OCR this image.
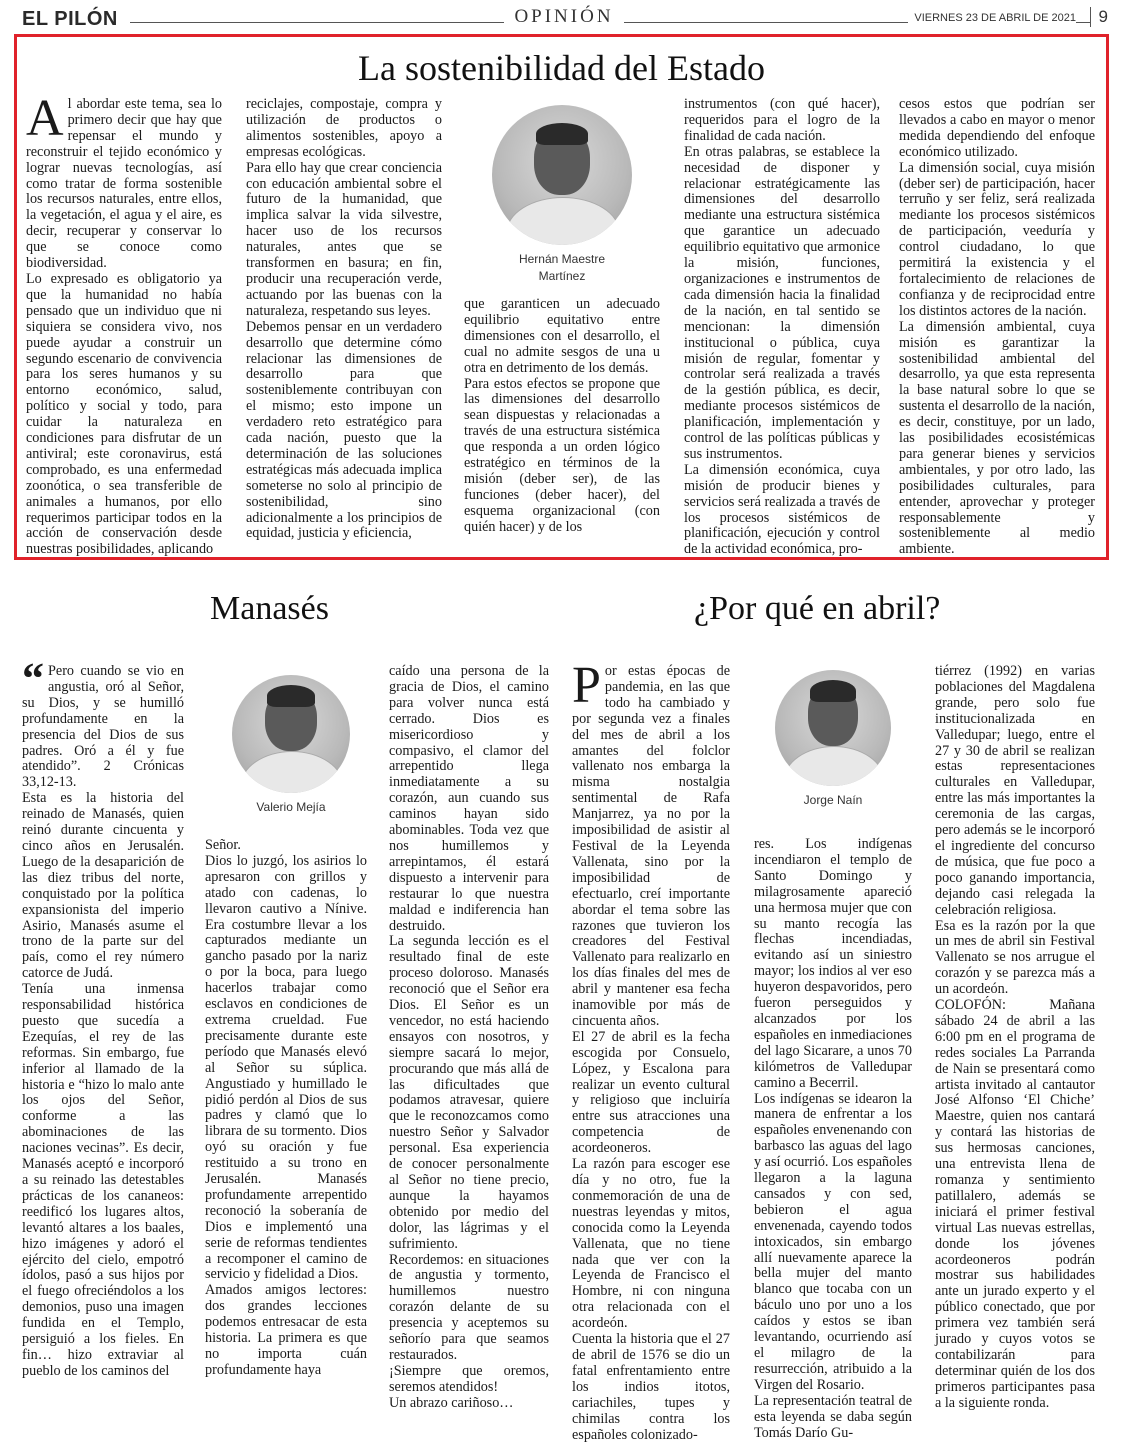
EL PILÓN	OPINIÓN	VIERNES 23 DE ABRIL DE 2021	9
La sostenibilidad del Estado

Al abordar este tema, sea lo primero decir que hay que repensar el mundo y reconstruir el tejido económico y lograr nuevas tecnologías, así como tratar de forma sostenible los recursos naturales, entre ellos, la vegetación, el agua y el aire, es decir, recuperar y conservar lo que se conoce como biodiversidad.

Lo expresado es obligatorio ya que la humanidad no había pensado que un individuo que ni siquiera se considera vivo, nos puede ayudar a construir un segundo escenario de convivencia para los seres humanos y su entorno económico, salud, político y social y todo, para cuidar la naturaleza en condiciones para disfrutar de un antiviral; este coronavirus, está comprobado, es una enfermedad zoonótica, o sea transferible de animales a humanos, por ello requerimos participar todos en la acción de conservación desde nuestras posibilidades, aplicando

reciclajes, compostaje, compra y utilización de productos o alimentos sostenibles, apoyo a empresas ecológicas.

Para ello hay que crear conciencia con educación ambiental sobre el futuro de la humanidad, que implica salvar la vida silvestre, hacer uso de los recursos naturales, antes que se transformen en basura; en fin, producir una recuperación verde, actuando por las buenas con la naturaleza, respetando sus leyes.

Debemos pensar en un verdadero desarrollo que determine cómo relacionar las dimensiones de desarrollo para que sosteniblemente contribuyan con el mismo; esto impone un verdadero reto estratégico para cada nación, puesto que la determinación de las soluciones estratégicas más adecuada implica someterse no solo al principio de sostenibilidad, sino adicionalmente a los principios de equidad, justicia y eficiencia,

Hernán Maestre Martínez

que garanticen un adecuado equilibrio equitativo entre dimensiones con el desarrollo, el cual no admite sesgos de una u otra en detrimento de los demás.

Para estos efectos se propone que las dimensiones del desarrollo sean dispuestas y relacionadas a través de una estructura sistémica que responda a un orden lógico estratégico en términos de la misión (deber ser), de las funciones (deber hacer), del esquema organizacional (con quién hacer) y de los

instrumentos (con qué hacer), requeridos para el logro de la finalidad de cada nación.

En otras palabras, se establece la necesidad de disponer y relacionar estratégicamente las dimensiones del desarrollo mediante una estructura sistémica que garantice un adecuado equilibrio equitativo que armonice la misión, funciones, organizaciones e instrumentos de cada dimensión hacia la finalidad de la nación, en tal sentido se mencionan: la dimensión institucional o pública, cuya misión de regular, fomentar y controlar será realizada a través de la gestión pública, es decir, mediante procesos sistémicos de planificación, implementación y control de las políticas públicas y sus instrumentos.

La dimensión económica, cuya misión de producir bienes y servicios será realizada a través de los procesos sistémicos de planificación, ejecución y control de la actividad económica, pro-

cesos estos que podrían ser llevados a cabo en mayor o menor medida dependiendo del enfoque económico utilizado.

La dimensión social, cuya misión (deber ser) de participación, hacer terruño y ser feliz, será realizada mediante los procesos sistémicos de participación, veeduría y control ciudadano, lo que permitirá la existencia y el fortalecimiento de relaciones de confianza y de reciprocidad entre los distintos actores de la nación.

La dimensión ambiental, cuya misión es garantizar la sostenibilidad ambiental del desarrollo, ya que esta representa la base natural sobre lo que se sustenta el desarrollo de la nación, es decir, constituye, por un lado, las posibilidades ecosistémicas para generar bienes y servicios ambientales, y por otro lado, las posibilidades culturales, para entender, aprovechar y proteger responsablemente y sosteniblemente al medio ambiente.

Manasés

“ Pero cuando se vio en angustia, oró al Señor, su Dios, y se humilló profundamente en la presencia del Dios de sus padres. Oró a él y fue atendido”. 2 Crónicas 33,12-13.

Esta es la historia del reinado de Manasés, quien reinó durante cincuenta y cinco años en Jerusalén. Luego de la desaparición de las diez tribus del norte, conquistado por la política expansionista del imperio Asirio, Manasés asume el trono de la parte sur del país, como el rey número catorce de Judá.

Tenía una inmensa responsabilidad histórica puesto que sucedía a Ezequías, el rey de las reformas. Sin embargo, fue inferior al llamado de la historia e “hizo lo malo ante los ojos del Señor, conforme a las abominaciones de las naciones vecinas”. Es decir, Manasés aceptó e incorporó a su reinado las detestables prácticas de los cananeos: reedificó los lugares altos, levantó altares a los baales, hizo imágenes y adoró el ejército del cielo, empotró ídolos, pasó a sus hijos por el fuego ofreciéndolos a los demonios, puso una imagen fundida en el Templo, persiguió a los fieles. En fin… hizo extraviar al pueblo de los caminos del

Valerio Mejía

Señor.

Dios lo juzgó, los asirios lo apresaron con grillos y atado con cadenas, lo llevaron cautivo a Nínive. Era costumbre llevar a los capturados mediante un gancho pasado por la nariz o por la boca, para luego hacerlos trabajar como esclavos en condiciones de extrema crueldad. Fue precisamente durante este período que Manasés elevó al Señor su súplica. Angustiado y humillado le pidió perdón al Dios de sus padres y clamó que lo librara de su tormento. Dios oyó su oración y fue restituido a su trono en Jerusalén. Manasés profundamente arrepentido reconoció la soberanía de Dios e implementó una serie de reformas tendientes a recomponer el camino de servicio y fidelidad a Dios.

Amados amigos lectores: dos grandes lecciones podemos entresacar de esta historia. La primera es que no importa cuán profundamente haya

caído una persona de la gracia de Dios, el camino para volver nunca está cerrado. Dios es misericordioso y compasivo, el clamor del arrepentido llega inmediatamente a su corazón, aun cuando sus caminos hayan sido abominables. Toda vez que nos humillemos y arrepintamos, él estará dispuesto a intervenir para restaurar lo que nuestra maldad e indiferencia han destruido.

La segunda lección es el resultado final de este proceso doloroso. Manasés reconoció que el Señor era Dios. El Señor es un vencedor, no está haciendo ensayos con nosotros, y siempre sacará lo mejor, procurando que más allá de las dificultades que podamos atravesar, quiere que le reconozcamos como nuestro Señor y Salvador personal. Esa experiencia de conocer personalmente al Señor no tiene precio, aunque la hayamos obtenido por medio del dolor, las lágrimas y el sufrimiento.

Recordemos: en situaciones de angustia y tormento, humillemos nuestro corazón delante de su presencia y aceptemos su señorío para que seamos restaurados.

¡Siempre que oremos, seremos atendidos!

Un abrazo cariñoso…

¿Por qué en abril?

Por estas épocas de pandemia, en las que todo ha cambiado y por segunda vez a finales del mes de abril a los amantes del folclor vallenato nos embarga la misma nostalgia sentimental de Rafa Manjarrez, ya no por la imposibilidad de asistir al Festival de la Leyenda Vallenata, sino por la imposibilidad de efectuarlo, creí importante abordar el tema sobre las razones que tuvieron los creadores del Festival Vallenato para realizarlo en los días finales del mes de abril y mantener esa fecha inamovible por más de cincuenta años.

El 27 de abril es la fecha escogida por Consuelo, López, y Escalona para realizar un evento cultural y religioso que incluiría entre sus atracciones una competencia de acordeoneros.

La razón para escoger ese día y no otro, fue la conmemoración de una de nuestras leyendas y mitos, conocida como la Leyenda Vallenata, que no tiene nada que ver con la Leyenda de Francisco el Hombre, ni con ninguna otra relacionada con el acordeón.

Cuenta la historia que el 27 de abril de 1576 se dio un fatal enfrentamiento entre los indios itotos, cariachiles, tupes y chimilas contra los españoles colonizado-

Jorge Naín

res. Los indígenas incendiaron el templo de Santo Domingo y milagrosamente apareció una hermosa mujer que con su manto recogía las flechas incendiadas, evitando así un siniestro mayor; los indios al ver eso huyeron despavoridos, pero fueron perseguidos y alcanzados por los españoles en inmediaciones del lago Sicarare, a unos 70 kilómetros de Valledupar camino a Becerril.

Los indígenas se idearon la manera de enfrentar a los españoles envenenando con barbasco las aguas del lago y así ocurrió. Los españoles llegaron a la laguna cansados y con sed, bebieron el agua envenenada, cayendo todos intoxicados, sin embargo allí nuevamente aparece la bella mujer del manto blanco que tocaba con un báculo uno por uno a los caídos y estos se iban levantando, ocurriendo así el milagro de la resurrección, atribuido a la Virgen del Rosario.

La representación teatral de esta leyenda se daba según Tomás Darío Gu-

tiérrez (1992) en varias poblaciones del Magdalena grande, pero solo fue institucionalizada en Valledupar; luego, entre el 27 y 30 de abril se realizan estas representaciones culturales en Valledupar, entre las más importantes la ceremonia de las cargas, pero además se le incorporó el ingrediente del concurso de música, que fue poco a poco ganando importancia, dejando casi relegada la celebración religiosa.

Esa es la razón por la que un mes de abril sin Festival Vallenato se nos arrugue el corazón y se parezca más a un acordeón.

COLOFÓN: Mañana sábado 24 de abril a las 6:00 pm en el programa de redes sociales La Parranda de Nain se presentará como artista invitado al cantautor José Alfonso ‘El Chiche’ Maestre, quien nos cantará y contará las historias de sus hermosas canciones, una entrevista llena de romanza y sentimiento patillalero, además se iniciará el primer festival virtual Las nuevas estrellas, donde los jóvenes acordeoneros podrán mostrar sus habilidades ante un jurado experto y el público conectado, que por primera vez también será jurado y cuyos votos se contabilizarán para determinar quién de los dos primeros participantes pasa a la siguiente ronda.
